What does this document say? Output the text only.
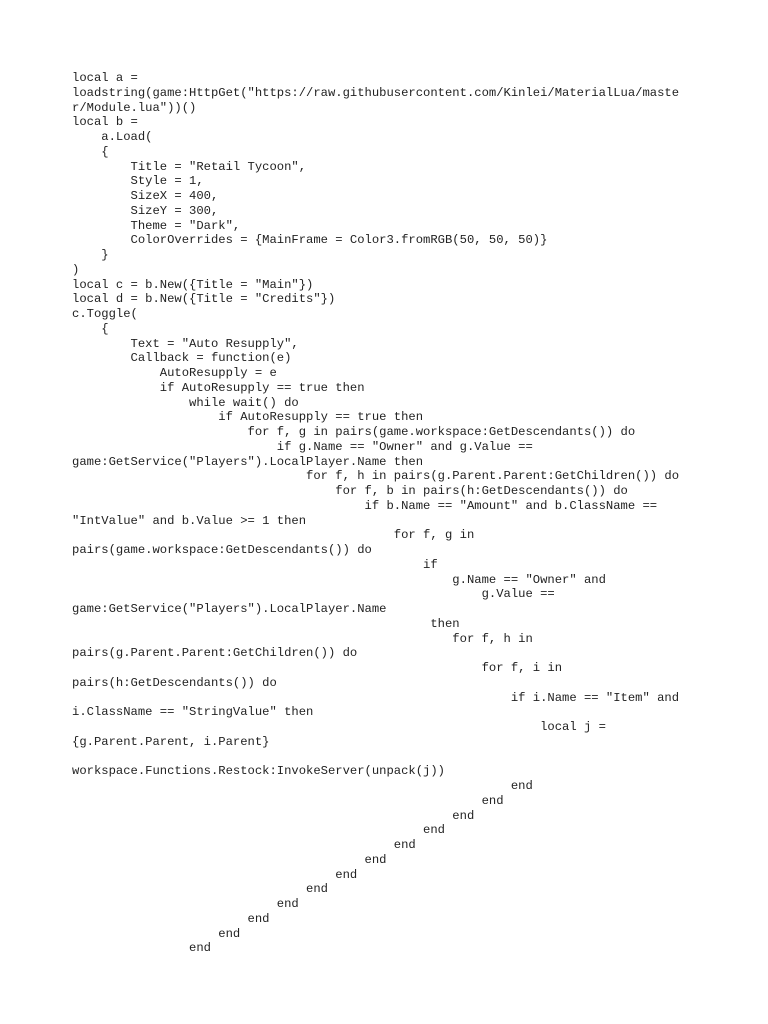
local a =
loadstring(game:HttpGet("https://raw.githubusercontent.com/Kinlei/MaterialLua/maste
r/Module.lua"))()
local b =
a.Load(
{
Title = "Retail Tycoon",
Style = 1,
SizeX = 400,
SizeY = 300,
Theme = "Dark",
ColorOverrides = {MainFrame = Color3.fromRGB(50, 50, 50)}
}
)
local c = b.New({Title = "Main"})
local d = b.New({Title = "Credits"})
c.Toggle(
{
Text = "Auto Resupply",
Callback = function(e)
AutoResupply = e
if AutoResupply == true then
while wait() do
if AutoResupply == true then
for f, g in pairs(game.workspace:GetDescendants()) do
if g.Name == "Owner" and g.Value ==
game:GetService("Players").LocalPlayer.Name then
for f, h in pairs(g.Parent.Parent:GetChildren()) do
for f, b in pairs(h:GetDescendants()) do
if b.Name == "Amount" and b.ClassName ==
"IntValue" and b.Value >= 1 then
for f, g in
pairs(game.workspace:GetDescendants()) do
if
g.Name == "Owner" and
g.Value ==
game:GetService("Players").LocalPlayer.Name
then
for f, h in
pairs(g.Parent.Parent:GetChildren()) do
for f, i in
pairs(h:GetDescendants()) do
if i.Name == "Item" and
i.ClassName == "StringValue" then
local j =
{g.Parent.Parent, i.Parent}
workspace.Functions.Restock:InvokeServer(unpack(j))
end
end
end
end
end
end
end
end
end
end
end
end
